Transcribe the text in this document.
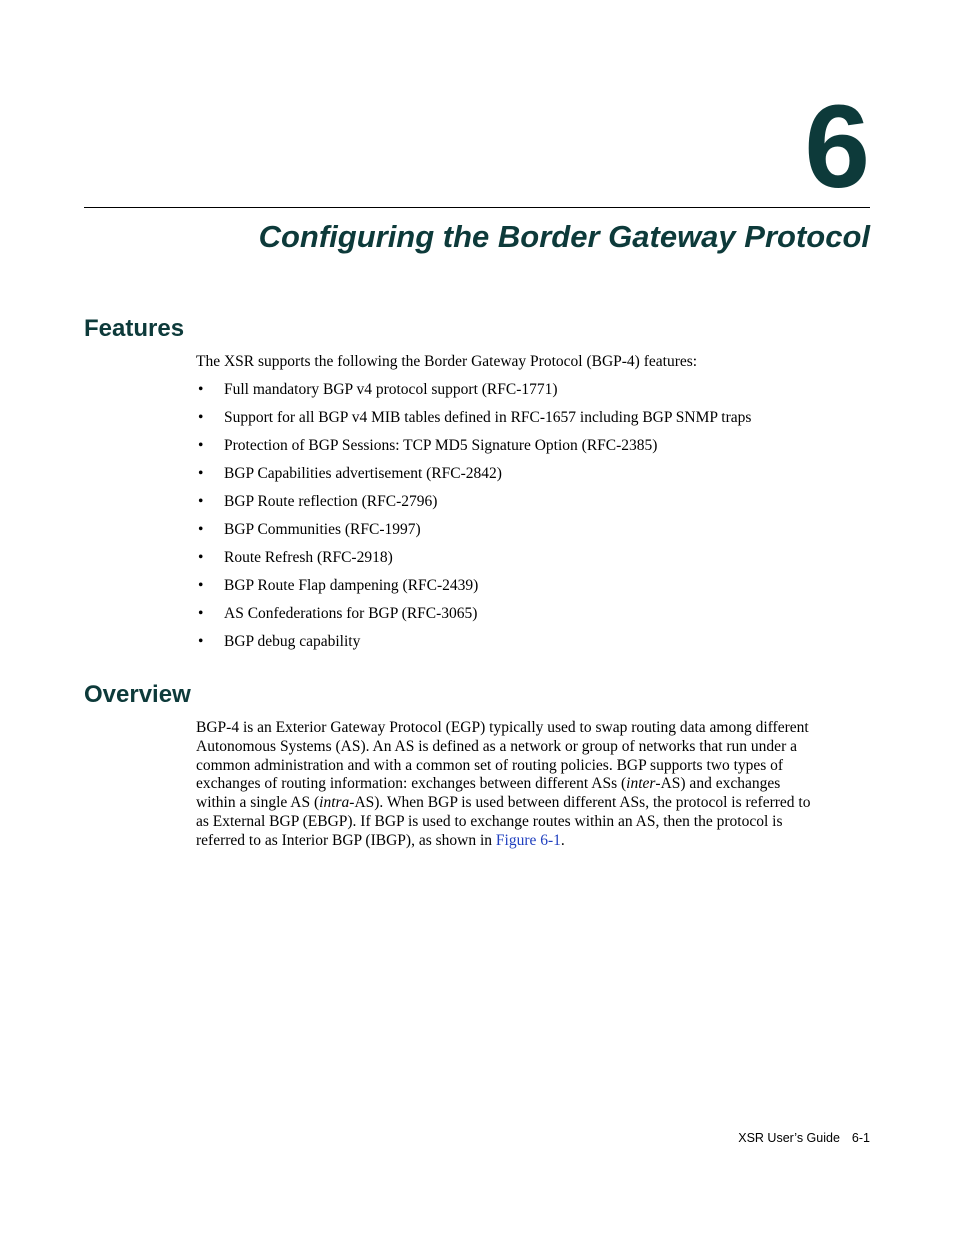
6
Configuring the Border Gateway Protocol
Features

The XSR supports the following the Border Gateway Protocol (BGP-4) features:

• Full mandatory BGP v4 protocol support (RFC-1771)
• Support for all BGP v4 MIB tables defined in RFC-1657 including BGP SNMP traps
• Protection of BGP Sessions: TCP MD5 Signature Option (RFC-2385)
• BGP Capabilities advertisement (RFC-2842)
• BGP Route reflection (RFC-2796)
• BGP Communities (RFC-1997)
• Route Refresh (RFC-2918)
• BGP Route Flap dampening (RFC-2439)
• AS Confederations for BGP (RFC-3065)
• BGP debug capability
Overview

BGP-4 is an Exterior Gateway Protocol (EGP) typically used to swap routing data among different
Autonomous Systems (AS). An AS is defined as a network or group of networks that run under a
common administration and with a common set of routing policies. BGP supports two types of
exchanges of routing information: exchanges between different ASs (inter-AS) and exchanges
within a single AS (intra-AS). When BGP is used between different ASs, the protocol is referred to
as External BGP (EBGP). If BGP is used to exchange routes within an AS, then the protocol is
referred to as Interior BGP (IBGP), as shown in Figure 6-1.

XSR User’s Guide 6-1
